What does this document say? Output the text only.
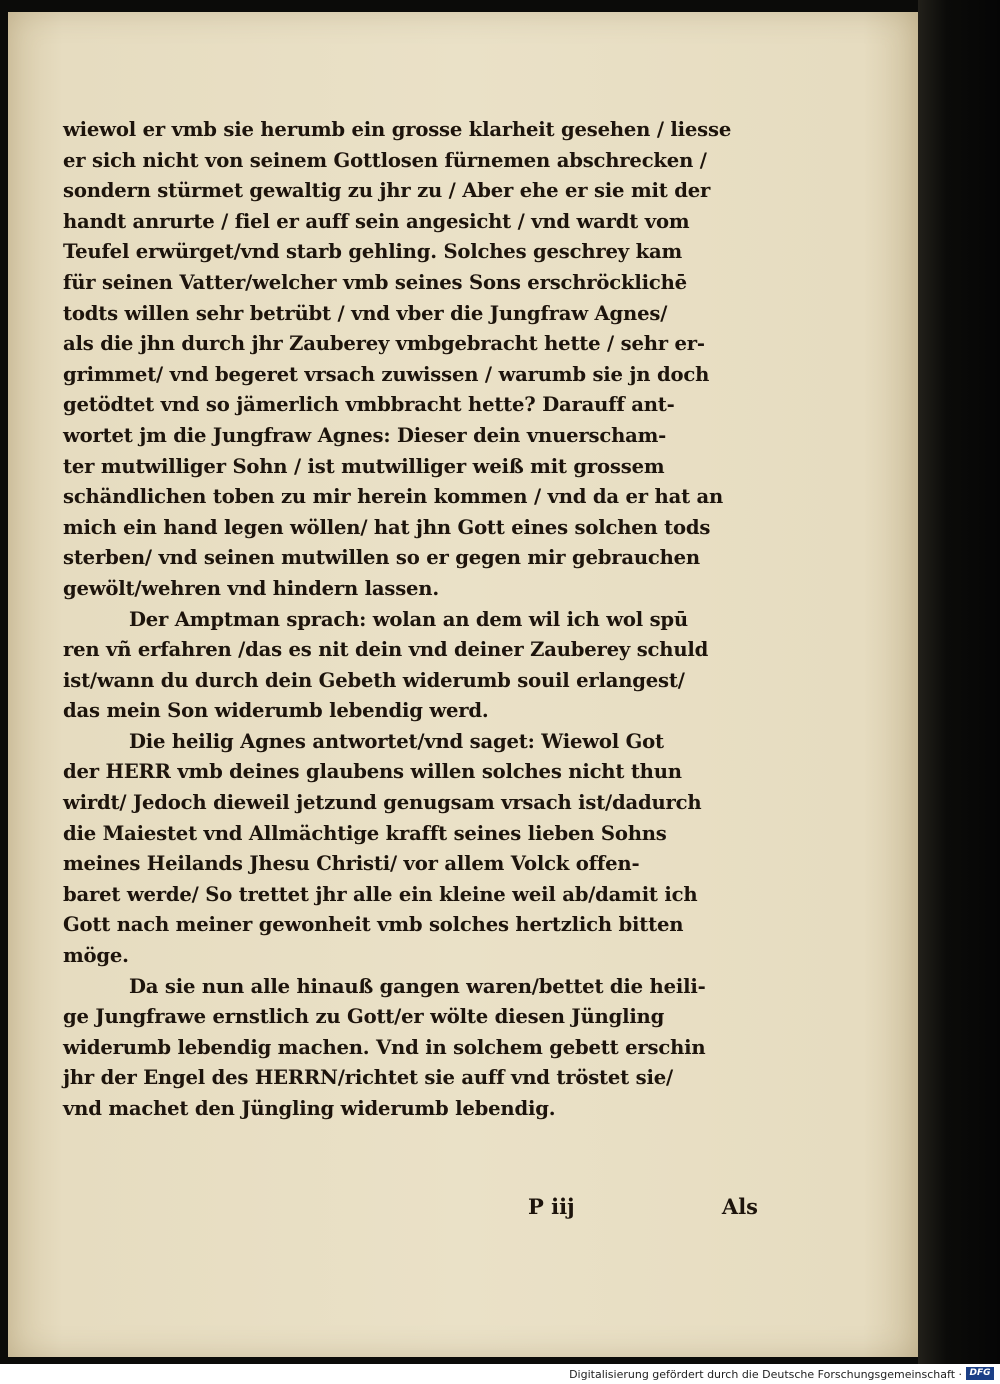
wiewol er vmb sie herumb ein grosse klarheit gesehen / liesse
er sich nicht von seinem Gottlosen fürnemen abschrecken /
sondern stürmet gewaltig zu jhr zu / Aber ehe er sie mit der
handt anrurte / fiel er auff sein angesicht / vnd wardt vom
Teufel erwürget/vnd starb gehling. Solches geschrey kam
für seinen Vatter/welcher vmb seines Sons erschröcklichē
todts willen sehr betrübt / vnd vber die Jungfraw Agnes/
als die jhn durch jhr Zauberey vmbgebracht hette / sehr er-
grimmet/ vnd begeret vrsach zuwissen / warumb sie jn doch
getödtet vnd so jämerlich vmbbracht hette? Darauff ant-
wortet jm die Jungfraw Agnes: Dieser dein vnuerscham-
ter mutwilliger Sohn / ist mutwilliger weiß mit grossem
schändlichen toben zu mir herein kommen / vnd da er hat an
mich ein hand legen wöllen/ hat jhn Gott eines solchen tods
sterben/ vnd seinen mutwillen so er gegen mir gebrauchen
gewölt/wehren vnd hindern lassen.
Der Amptman sprach: wolan an dem wil ich wol spū
ren vñ erfahren /das es nit dein vnd deiner Zauberey schuld
ist/wann du durch dein Gebeth widerumb souil erlangest/
das mein Son widerumb lebendig werd.
Die heilig Agnes antwortet/vnd saget: Wiewol Got
der HERR vmb deines glaubens willen solches nicht thun
wirdt/ Jedoch dieweil jetzund genugsam vrsach ist/dadurch
die Maiestet vnd Allmächtige krafft seines lieben Sohns
meines Heilands Jhesu Christi/ vor allem Volck offen-
baret werde/ So trettet jhr alle ein kleine weil ab/damit ich
Gott nach meiner gewonheit vmb solches hertzlich bitten
möge.
Da sie nun alle hinauß gangen waren/bettet die heili-
ge Jungfrawe ernstlich zu Gott/er wölte diesen Jüngling
widerumb lebendig machen. Vnd in solchem gebett erschin
jhr der Engel des HERRN/richtet sie auff vnd tröstet sie/
vnd machet den Jüngling widerumb lebendig.
P iij	Als
Digitalisierung gefördert durch die Deutsche Forschungsgemeinschaft · DFG
